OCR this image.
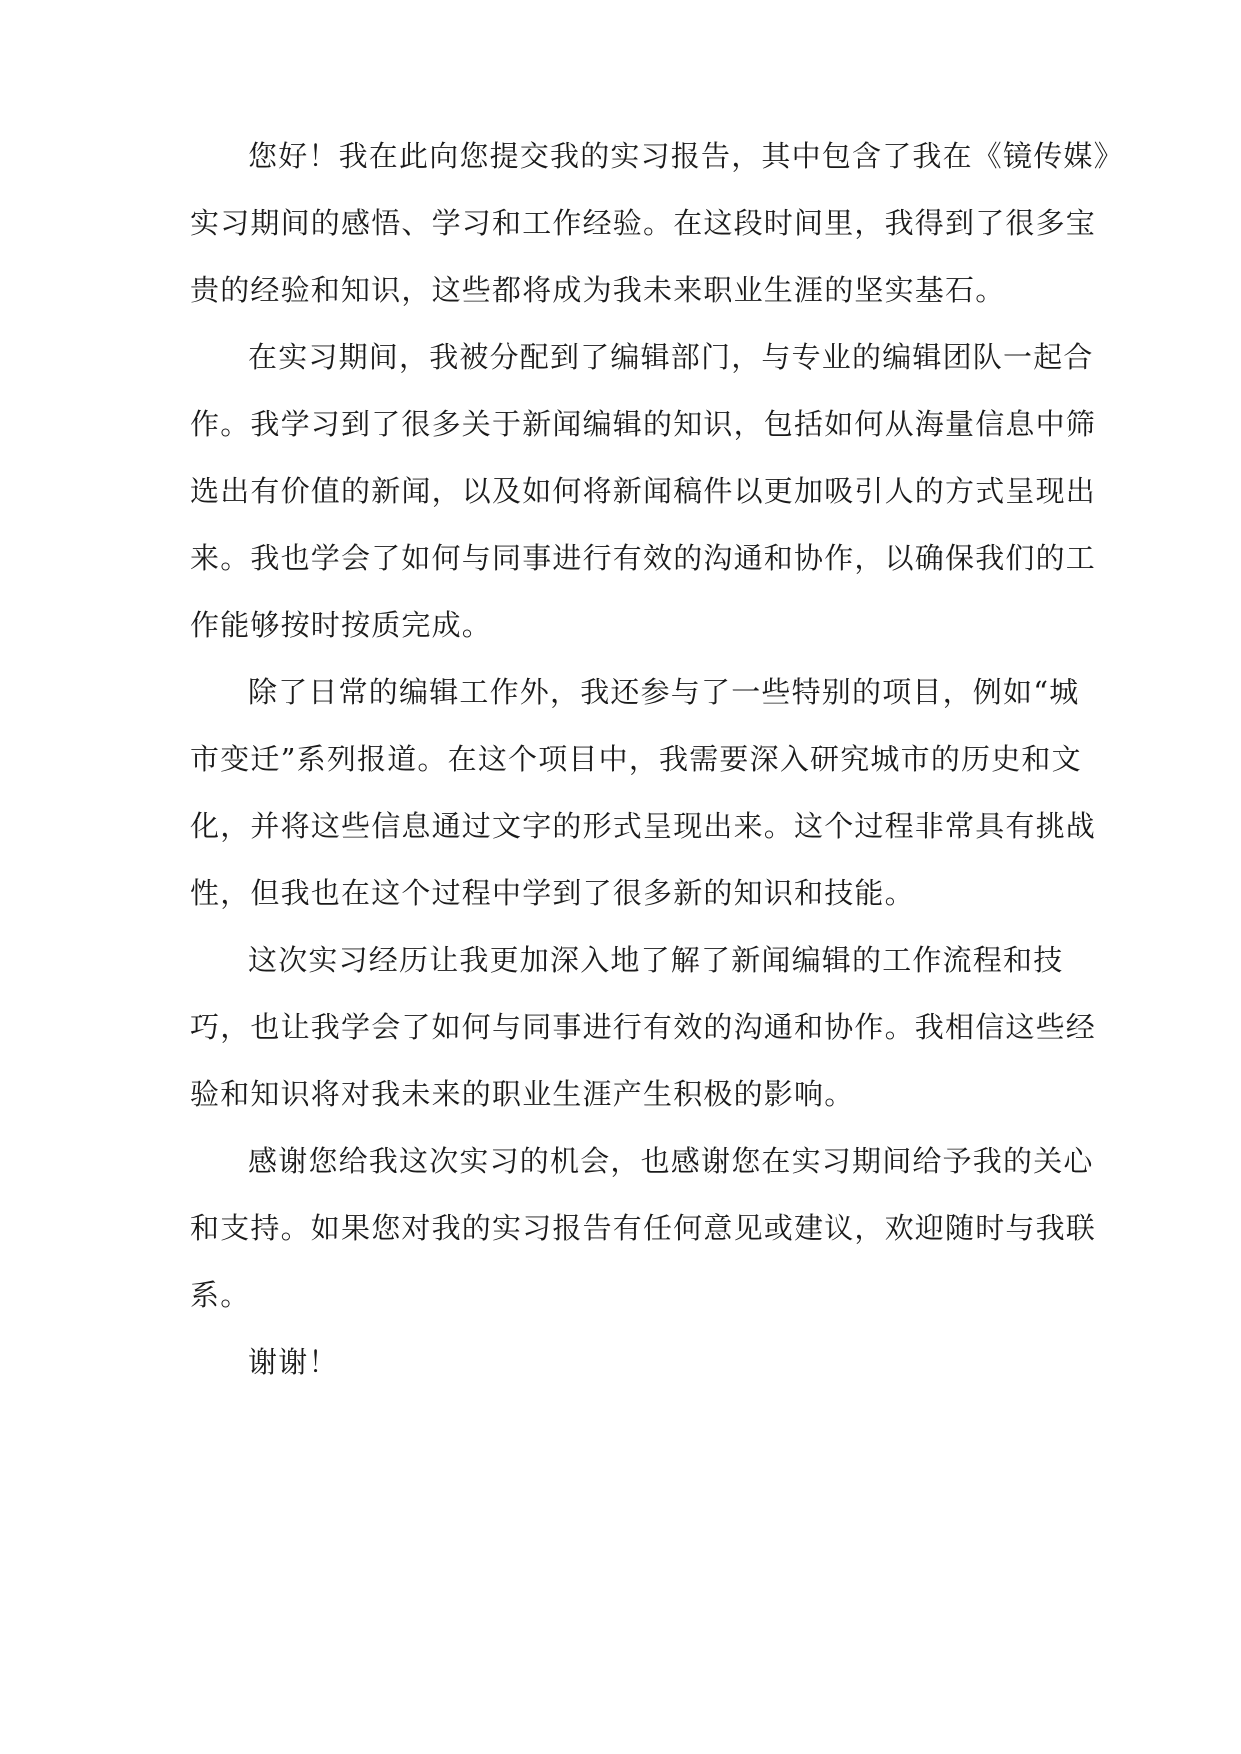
您好！我在此向您提交我的实习报告，其中包含了我在《镜传媒》
实习期间的感悟、学习和工作经验。在这段时间里，我得到了很多宝
贵的经验和知识，这些都将成为我未来职业生涯的坚实基石。
在实习期间，我被分配到了编辑部门，与专业的编辑团队一起合
作。我学习到了很多关于新闻编辑的知识，包括如何从海量信息中筛
选出有价值的新闻，以及如何将新闻稿件以更加吸引人的方式呈现出
来。我也学会了如何与同事进行有效的沟通和协作，以确保我们的工
作能够按时按质完成。
除了日常的编辑工作外，我还参与了一些特别的项目，例如“城
市变迁”系列报道。在这个项目中，我需要深入研究城市的历史和文
化，并将这些信息通过文字的形式呈现出来。这个过程非常具有挑战
性，但我也在这个过程中学到了很多新的知识和技能。
这次实习经历让我更加深入地了解了新闻编辑的工作流程和技
巧，也让我学会了如何与同事进行有效的沟通和协作。我相信这些经
验和知识将对我未来的职业生涯产生积极的影响。
感谢您给我这次实习的机会，也感谢您在实习期间给予我的关心
和支持。如果您对我的实习报告有任何意见或建议，欢迎随时与我联
系。
谢谢！
